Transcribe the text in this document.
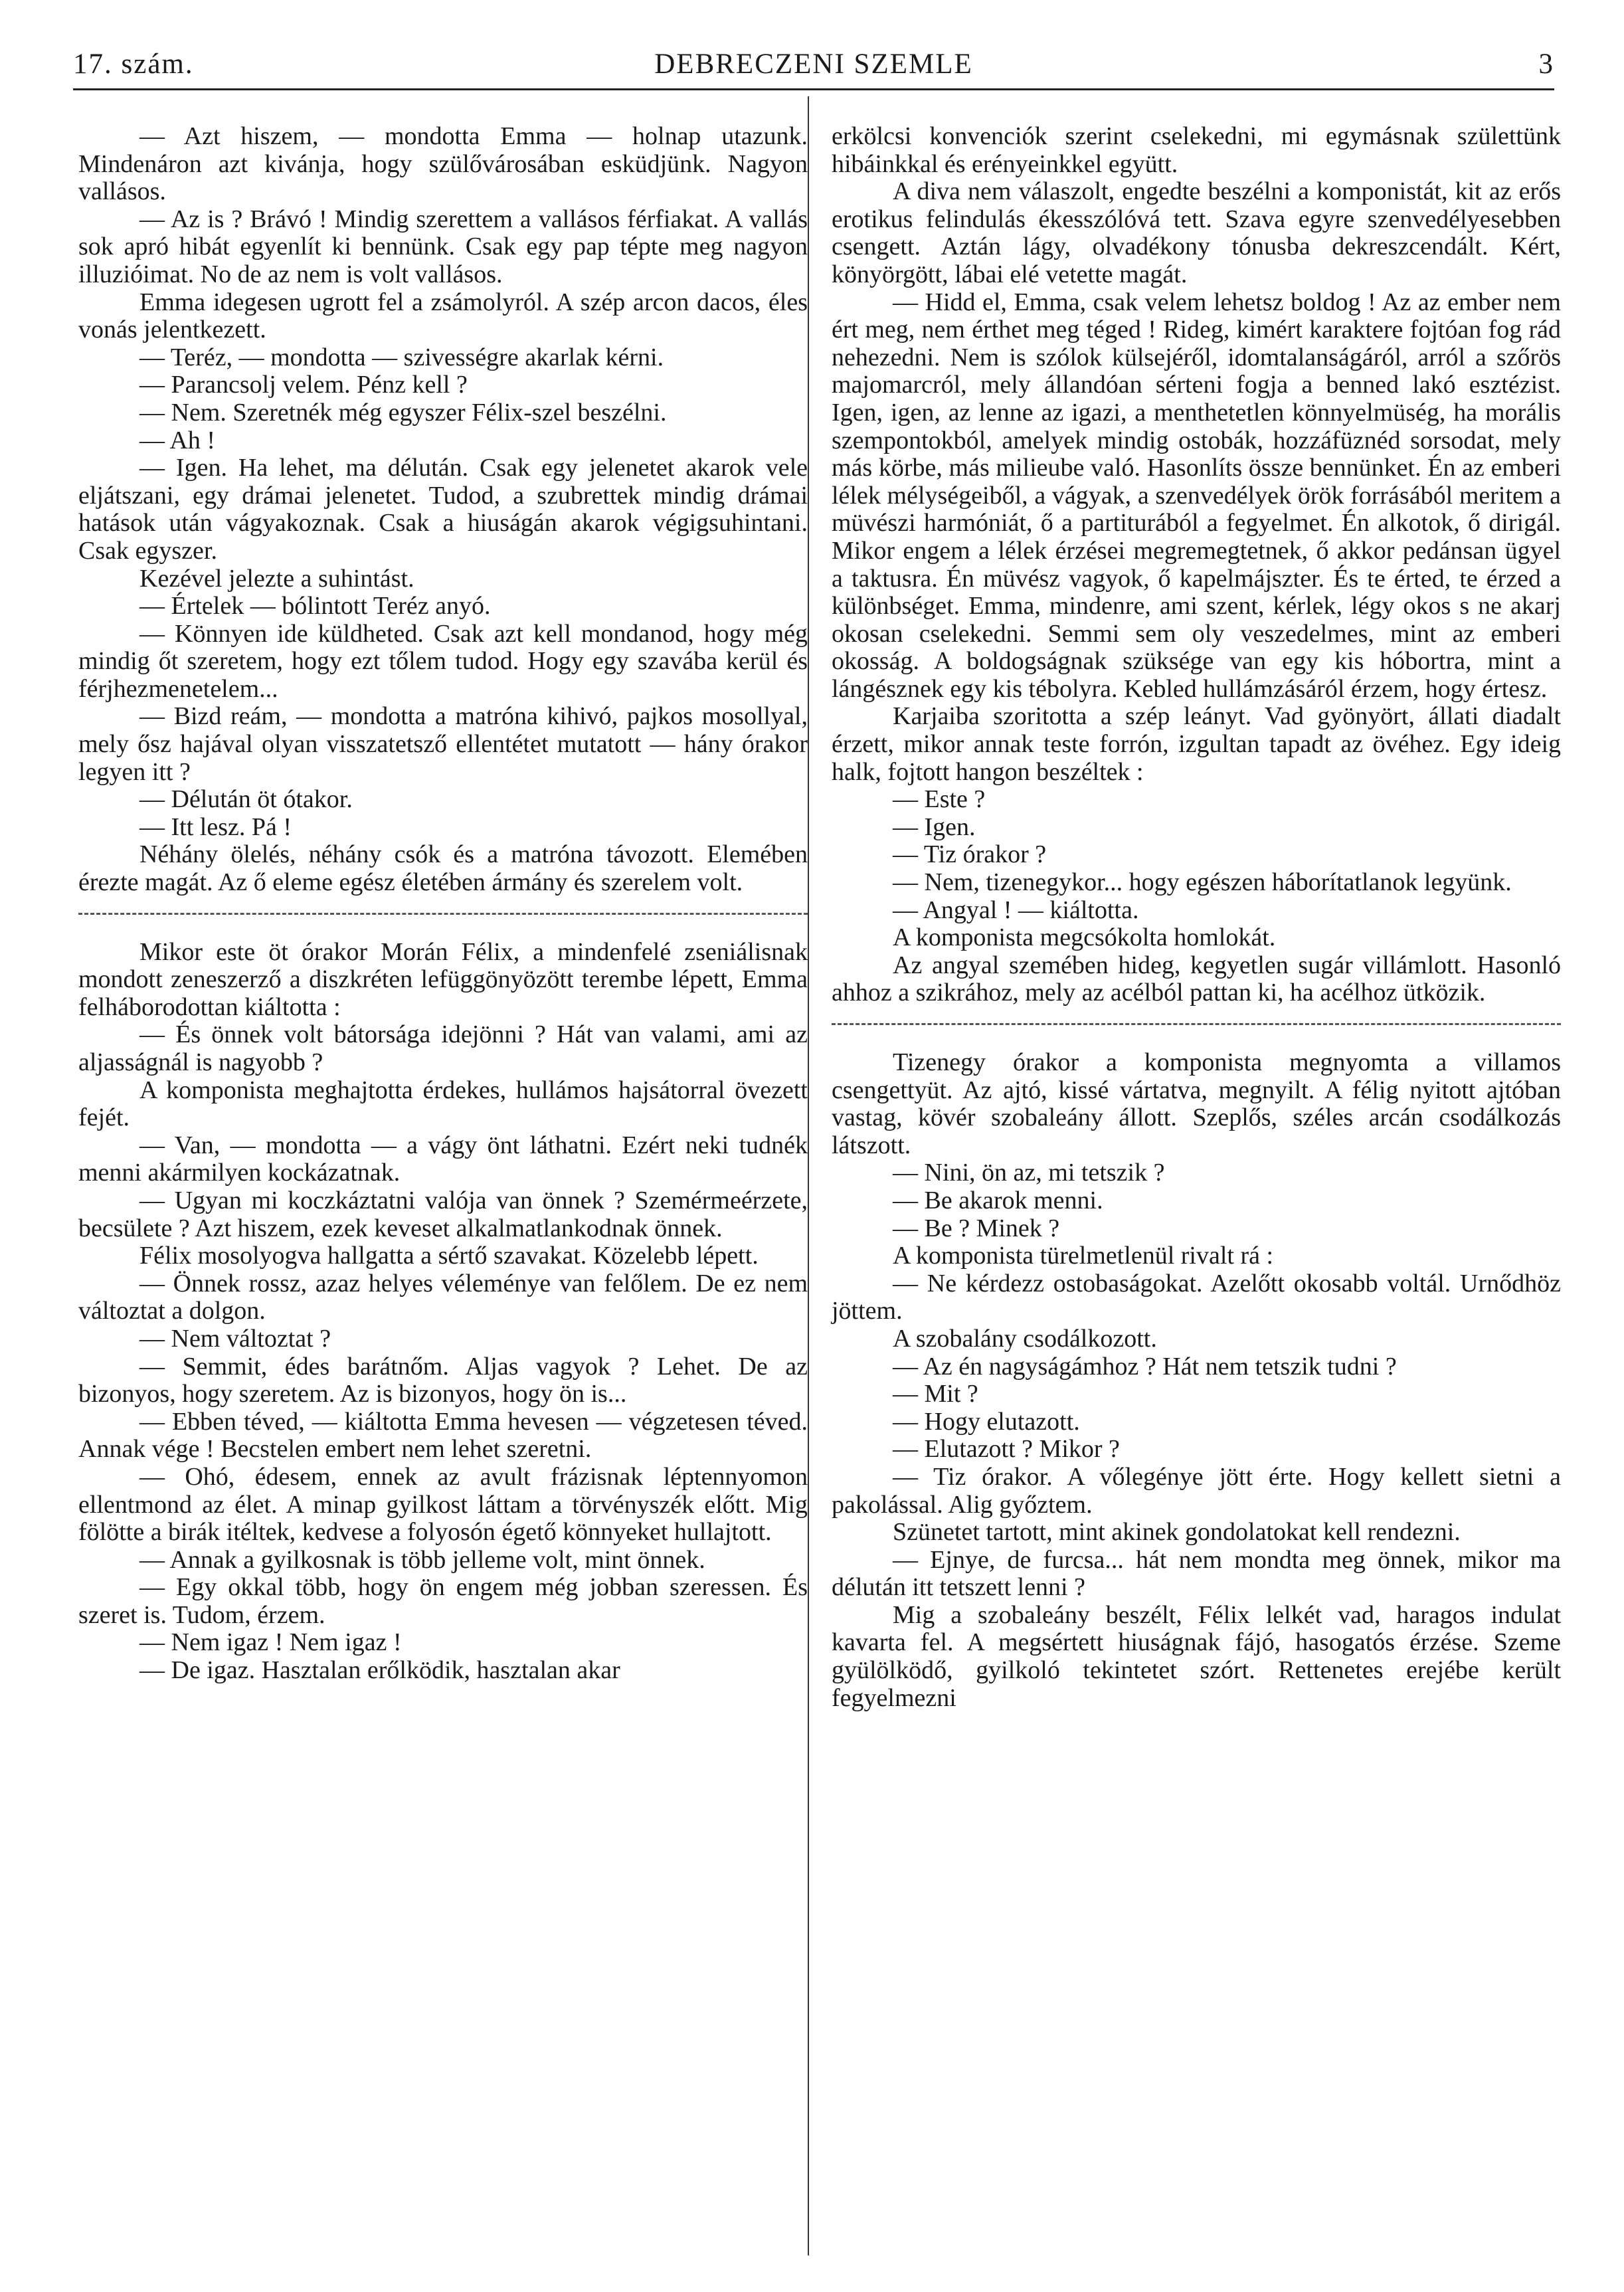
17. szám.	DEBRECZENI SZEMLE	3

— Azt hiszem, — mondotta Emma — holnap utazunk. Mindenáron azt kivánja, hogy szülővárosában esküdjünk. Nagyon vallásos.

— Az is ? Brávó ! Mindig szerettem a vallásos férfiakat. A vallás sok apró hibát egyenlít ki bennünk. Csak egy pap tépte meg nagyon illuzióimat. No de az nem is volt vallásos.

Emma idegesen ugrott fel a zsámolyról. A szép arcon dacos, éles vonás jelentkezett.

— Teréz, — mondotta — szivességre akarlak kérni.

— Parancsolj velem. Pénz kell ?

— Nem. Szeretnék még egyszer Félix-szel beszélni.

— Ah !

— Igen. Ha lehet, ma délután. Csak egy jelenetet akarok vele eljátszani, egy drámai jelenetet. Tudod, a szubrettek mindig drámai hatások után vágyakoznak. Csak a hiuságán akarok végigsuhintani. Csak egyszer.

Kezével jelezte a suhintást.

— Értelek — bólintott Teréz anyó.

— Könnyen ide küldheted. Csak azt kell mondanod, hogy még mindig őt szeretem, hogy ezt tőlem tudod. Hogy egy szavába kerül és férjhezmenetelem...

— Bizd reám, — mondotta a matróna kihivó, pajkos mosollyal, mely ősz hajával olyan visszatetsző ellentétet mutatott — hány órakor legyen itt ?

— Délután öt ótakor.

— Itt lesz. Pá !

Néhány ölelés, néhány csók és a matróna távozott. Elemében érezte magát. Az ő eleme egész életében ármány és szerelem volt.

Mikor este öt órakor Morán Félix, a mindenfelé zseniálisnak mondott zeneszerző a diszkréten lefüggönyözött terembe lépett, Emma felháborodottan kiáltotta :

— És önnek volt bátorsága idejönni ? Hát van valami, ami az aljasságnál is nagyobb ?

A komponista meghajtotta érdekes, hullámos hajsátorral övezett fejét.

— Van, — mondotta — a vágy önt láthatni. Ezért neki tudnék menni akármilyen kockázatnak.

— Ugyan mi koczkáztatni valója van önnek ? Szemérmeérzete, becsülete ? Azt hiszem, ezek keveset alkalmatlankodnak önnek.

Félix mosolyogva hallgatta a sértő szavakat. Közelebb lépett.

— Önnek rossz, azaz helyes véleménye van felőlem. De ez nem változtat a dolgon.

— Nem változtat ?

— Semmit, édes barátnőm. Aljas vagyok ? Lehet. De az bizonyos, hogy szeretem. Az is bizonyos, hogy ön is...

— Ebben téved, — kiáltotta Emma hevesen — végzetesen téved. Annak vége ! Becstelen embert nem lehet szeretni.

— Ohó, édesem, ennek az avult frázisnak léptennyomon ellentmond az élet. A minap gyilkost láttam a törvényszék előtt. Mig fölötte a birák itéltek, kedvese a folyosón égető könnyeket hullajtott.

— Annak a gyilkosnak is több jelleme volt, mint önnek.

— Egy okkal több, hogy ön engem még jobban szeressen. És szeret is. Tudom, érzem.

— Nem igaz ! Nem igaz !

— De igaz. Hasztalan erőlködik, hasztalan akar

erkölcsi konvenciók szerint cselekedni, mi egymásnak születtünk hibáinkkal és erényeinkkel együtt.

A diva nem válaszolt, engedte beszélni a komponistát, kit az erős erotikus felindulás ékesszólóvá tett. Szava egyre szenvedélyesebben csengett. Aztán lágy, olvadékony tónusba dekreszcendált. Kért, könyörgött, lábai elé vetette magát.

— Hidd el, Emma, csak velem lehetsz boldog ! Az az ember nem ért meg, nem érthet meg téged ! Rideg, kimért karaktere fojtóan fog rád nehezedni. Nem is szólok külsejéről, idomtalanságáról, arról a szőrös majomarcról, mely állandóan sérteni fogja a benned lakó esztézist. Igen, igen, az lenne az igazi, a menthetetlen könnyelmüség, ha morális szempontokból, amelyek mindig ostobák, hozzáfüznéd sorsodat, mely más körbe, más milieube való. Hasonlíts össze bennünket. Én az emberi lélek mélységeiből, a vágyak, a szenvedélyek örök forrásából meritem a müvészi harmóniát, ő a partiturából a fegyelmet. Én alkotok, ő dirigál. Mikor engem a lélek érzései megremegtetnek, ő akkor pedánsan ügyel a taktusra. Én müvész vagyok, ő kapelmájszter. És te érted, te érzed a különbséget. Emma, mindenre, ami szent, kérlek, légy okos s ne akarj okosan cselekedni. Semmi sem oly veszedelmes, mint az emberi okosság. A boldogságnak szüksége van egy kis hóbortra, mint a lángésznek egy kis tébolyra. Kebled hullámzásáról érzem, hogy értesz.

Karjaiba szoritotta a szép leányt. Vad gyönyört, állati diadalt érzett, mikor annak teste forrón, izgultan tapadt az övéhez. Egy ideig halk, fojtott hangon beszéltek :

— Este ?

— Igen.

— Tiz órakor ?

— Nem, tizenegykor... hogy egészen háborítatlanok legyünk.

— Angyal ! — kiáltotta.

A komponista megcsókolta homlokát.

Az angyal szemében hideg, kegyetlen sugár villámlott. Hasonló ahhoz a szikrához, mely az acélból pattan ki, ha acélhoz ütközik.

Tizenegy órakor a komponista megnyomta a villamos csengettyüt. Az ajtó, kissé vártatva, megnyilt. A félig nyitott ajtóban vastag, kövér szobaleány állott. Szeplős, széles arcán csodálkozás látszott.

— Nini, ön az, mi tetszik ?

— Be akarok menni.

— Be ? Minek ?

A komponista türelmetlenül rivalt rá :

— Ne kérdezz ostobaságokat. Azelőtt okosabb voltál. Urnődhöz jöttem.

A szobalány csodálkozott.

— Az én nagyságámhoz ? Hát nem tetszik tudni ?

— Mit ?

— Hogy elutazott.

— Elutazott ? Mikor ?

— Tiz órakor. A vőlegénye jött érte. Hogy kellett sietni a pakolással. Alig győztem.

Szünetet tartott, mint akinek gondolatokat kell rendezni.

— Ejnye, de furcsa... hát nem mondta meg önnek, mikor ma délután itt tetszett lenni ?

Mig a szobaleány beszélt, Félix lelkét vad, haragos indulat kavarta fel. A megsértett hiuságnak fájó, hasogatós érzése. Szeme gyülölködő, gyilkoló tekintetet szórt. Rettenetes erejébe került fegyelmezni
